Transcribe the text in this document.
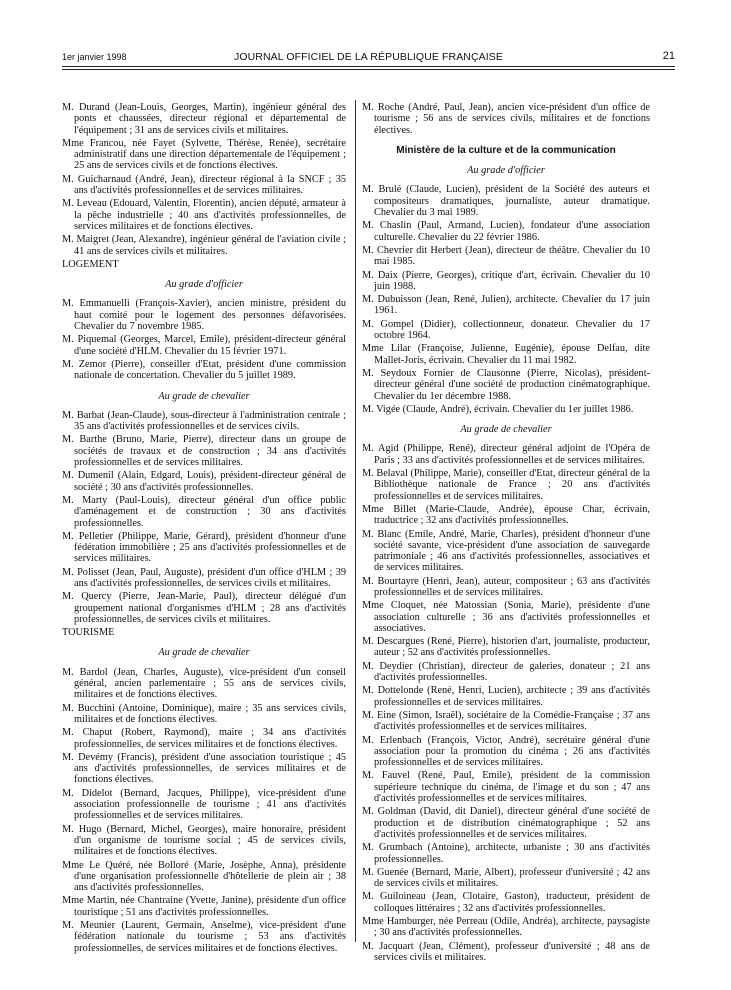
1er janvier 1998	JOURNAL OFFICIEL DE LA RÉPUBLIQUE FRANÇAISE	21
M. Durand (Jean-Louis, Georges, Martin), ingénieur général des ponts et chaussées, directeur régional et départemental de l'équipement ; 31 ans de services civils et militaires.
Mme Francou, née Fayet (Sylvette, Thérèse, Renée), secrétaire administratif dans une direction départementale de l'équipement ; 25 ans de services civils et de fonctions électives.
M. Guicharnaud (André, Jean), directeur régional à la SNCF ; 35 ans d'activités professionnelles et de services militaires.
M. Leveau (Edouard, Valentin, Florentin), ancien député, armateur à la pêche industrielle ; 40 ans d'activités professionnelles, de services militaires et de fonctions électives.
M. Maigret (Jean, Alexandre), ingénieur général de l'aviation civile ; 41 ans de services civils et militaires.
LOGEMENT
Au grade d'officier
M. Emmanuelli (François-Xavier), ancien ministre, président du haut comité pour le logement des personnes défavorisées. Chevalier du 7 novembre 1985.
M. Piquemal (Georges, Marcel, Emile), président-directeur général d'une société d'HLM. Chevalier du 15 février 1971.
M. Zemor (Pierre), conseiller d'Etat, président d'une commission nationale de concertation. Chevalier du 5 juillet 1989.
Au grade de chevalier
M. Barbat (Jean-Claude), sous-directeur à l'administration centrale ; 35 ans d'activités professionnelles et de services civils.
M. Barthe (Bruno, Marie, Pierre), directeur dans un groupe de sociétés de travaux et de construction ; 34 ans d'activités professionnelles et de services militaires.
M. Dumenil (Alain, Edgard, Louis), président-directeur général de société ; 30 ans d'activités professionnelles.
M. Marty (Paul-Louis), directeur général d'un office public d'aménagement et de construction ; 30 ans d'activités professionnelles.
M. Pelletier (Philippe, Marie, Gérard), président d'honneur d'une fédération immobilière ; 25 ans d'activités professionnelles et de services militaires.
M. Polisset (Jean, Paul, Auguste), président d'un office d'HLM ; 39 ans d'activités professionnelles, de services civils et militaires.
M. Quercy (Pierre, Jean-Marie, Paul), directeur délégué d'un groupement national d'organismes d'HLM ; 28 ans d'activités professionnelles, de services civils et militaires.
TOURISME
Au grade de chevalier
M. Bardol (Jean, Charles, Auguste), vice-président d'un conseil général, ancien parlementaire ; 55 ans de services civils, militaires et de fonctions électives.
M. Bucchini (Antoine, Dominique), maire ; 35 ans services civils, militaires et de fonctions électives.
M. Chaput (Robert, Raymond), maire ; 34 ans d'activités professionnelles, de services militaires et de fonctions électives.
M. Devémy (Francis), président d'une association touristique ; 45 ans d'activités professionnelles, de services militaires et de fonctions électives.
M. Didelot (Bernard, Jacques, Philippe), vice-président d'une association professionnelle de tourisme ; 41 ans d'activités professionnelles et de services militaires.
M. Hugo (Bernard, Michel, Georges), maire honoraire, président d'un organisme de tourisme social ; 45 de services civils, militaires et de fonctions électives.
Mme Le Quéré, née Bolloré (Marie, Josèphe, Anna), présidente d'une organisation professionnelle d'hôtellerie de plein air ; 38 ans d'activités professionnelles.
Mme Martin, née Chantraine (Yvette, Janine), présidente d'un office touristique ; 51 ans d'activités professionnelles.
M. Meunier (Laurent, Germain, Anselme), vice-président d'une fédération nationale du tourisme ; 53 ans d'activités professionnelles, de services militaires et de fonctions électives.
M. Roche (André, Paul, Jean), ancien vice-président d'un office de tourisme ; 56 ans de services civils, militaires et de fonctions électives.
Ministère de la culture et de la communication
Au grade d'officier
M. Brulé (Claude, Lucien), président de la Société des auteurs et compositeurs dramatiques, journaliste, auteur dramatique. Chevalier du 3 mai 1989.
M. Chaslin (Paul, Armand, Lucien), fondateur d'une association culturelle. Chevalier du 22 février 1986.
M. Chevrier dit Herbert (Jean), directeur de théâtre. Chevalier du 10 mai 1985.
M. Daix (Pierre, Georges), critique d'art, écrivain. Chevalier du 10 juin 1988.
M. Dubuisson (Jean, René, Julien), architecte. Chevalier du 17 juin 1961.
M. Gompel (Didier), collectionneur, donateur. Chevalier du 17 octobre 1964.
Mme Lilar (Françoise, Julienne, Eugénie), épouse Delfau, dite Mallet-Joris, écrivain. Chevalier du 11 mai 1982.
M. Seydoux Fornier de Clausonne (Pierre, Nicolas), président-directeur général d'une société de production cinématographique. Chevalier du 1er décembre 1988.
M. Vigée (Claude, André), écrivain. Chevalier du 1er juillet 1986.
Au grade de chevalier
M. Agid (Philippe, René), directeur général adjoint de l'Opéra de Paris ; 33 ans d'activités professionnelles et de services militaires.
M. Belaval (Philippe, Marie), conseiller d'Etat, directeur général de la Bibliothèque nationale de France ; 20 ans d'activités professionnelles et de services militaires.
Mme Billet (Marie-Claude, Andrée), épouse Char, écrivain, traductrice ; 32 ans d'activités professionnelles.
M. Blanc (Emile, André, Marie, Charles), président d'honneur d'une société savante, vice-président d'une association de sauvegarde patrimoniale ; 46 ans d'activités professionnelles, associatives et de services militaires.
M. Bourtayre (Henri, Jean), auteur, compositeur ; 63 ans d'activités professionnelles et de services militaires.
Mme Cloquet, née Matossian (Sonia, Marie), présidente d'une association culturelle ; 36 ans d'activités professionnelles et associatives.
M. Descargues (René, Pierre), historien d'art, journaliste, producteur, auteur ; 52 ans d'activités professionnelles.
M. Deydier (Christian), directeur de galeries, donateur ; 21 ans d'activités professionnelles.
M. Dottelonde (René, Henri, Lucien), architecte ; 39 ans d'activités professionnelles et de services militaires.
M. Eine (Simon, Israël), sociétaire de la Comédie-Française ; 37 ans d'activités professionnelles et de services militaires.
M. Erlenbach (François, Victor, André), secrétaire général d'une association pour la promotion du cinéma ; 26 ans d'activités professionnelles et de services militaires.
M. Fauvel (René, Paul, Emile), président de la commission supérieure technique du cinéma, de l'image et du son ; 47 ans d'activités professionnelles et de services militaires.
M. Goldman (David, dit Daniel), directeur général d'une société de production et de distribution cinématographique ; 52 ans d'activités professionnelles et de services militaires.
M. Grumbach (Antoine), architecte, urbaniste ; 30 ans d'activités professionnelles.
M. Guenée (Bernard, Marie, Albert), professeur d'université ; 42 ans de services civils et militaires.
M. Guiloineau (Jean, Clotaire, Gaston), traducteur, président de colloques littéraires ; 32 ans d'activités professionnelles.
Mme Hamburger, née Perreau (Odile, Andréa), architecte, paysagiste ; 30 ans d'activités professionnelles.
M. Jacquart (Jean, Clément), professeur d'université ; 48 ans de services civils et militaires.
